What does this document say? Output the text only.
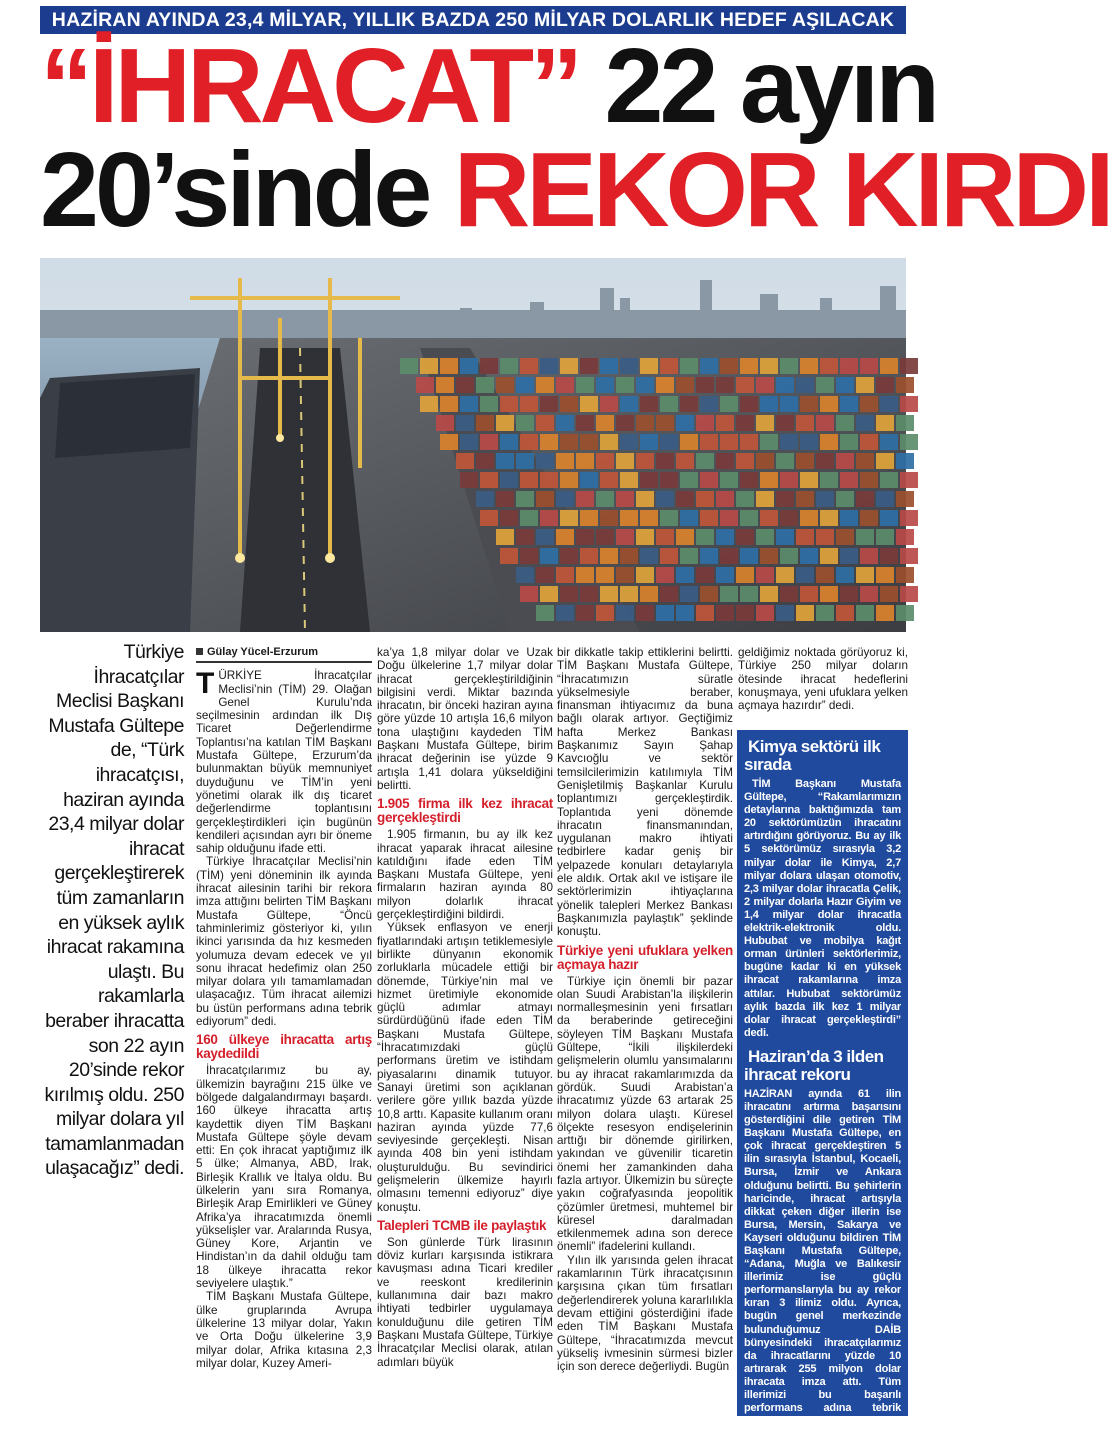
HAZİRAN AYINDA 23,4 MİLYAR, YILLIK BAZDA 250 MİLYAR DOLARLIK HEDEF AŞILACAK
“İHRACAT” 22 ayın
20’sinde REKOR KIRDI
Türkiye İhracatçılar Meclisi Başkanı Mustafa Gültepe de, “Türk ihracatçısı, haziran ayında 23,4 milyar dolar ihracat gerçekleştirerek tüm zamanların en yüksek aylık ihracat rakamına ulaştı. Bu rakamlarla beraber ihracatta son 22 ayın 20’sinde rekor kırılmış oldu. 250 milyar dolara yıl tamamlanmadan ulaşacağız” dedi.
Gülay Yücel-Erzurum

TÜRKİYE İhracatçılar Meclisi’nin (TİM) 29. Olağan Genel Kurulu’nda seçilmesinin ardından ilk Dış Ticaret Değerlendirme Toplantısı’na katılan TİM Başkanı Mustafa Gültepe, Erzurum’da bulunmaktan büyük memnuniyet duyduğunu ve TİM’in yeni yönetimi olarak ilk dış ticaret değerlendirme toplantısını gerçekleştirdikleri için bugünün kendileri açısından ayrı bir öneme sahip olduğunu ifade etti.

Türkiye İhracatçılar Meclisi’nin (TİM) yeni döneminin ilk ayında ihracat ailesinin tarihi bir rekora imza attığını belirten TİM Başkanı Mustafa Gültepe, “Öncü tahminlerimiz gösteriyor ki, yılın ikinci yarısında da hız kesmeden yolumuza devam edecek ve yıl sonu ihracat hedefimiz olan 250 milyar dolara yılı tamamlamadan ulaşacağız. Tüm ihracat ailemizi bu üstün performans adına tebrik ediyorum” dedi.

160 ülkeye ihracatta artış kaydedildi

İhracatçılarımız bu ay, ülkemizin bayrağını 215 ülke ve bölgede dalgalandırmayı başardı. 160 ülkeye ihracatta artış kaydettik diyen TİM Başkanı Mustafa Gültepe şöyle devam etti: En çok ihracat yaptığımız ilk 5 ülke; Almanya, ABD, Irak, Birleşik Krallık ve İtalya oldu. Bu ülkelerin yanı sıra Romanya, Birleşik Arap Emirlikleri ve Güney Afrika’ya ihracatımızda önemli yükselişler var. Aralarında Rusya, Güney Kore, Arjantin ve Hindistan’ın da dahil olduğu tam 18 ülkeye ihracatta rekor seviyelere ulaştık.”

TİM Başkanı Mustafa Gültepe, ülke gruplarında Avrupa ülkelerine 13 milyar dolar, Yakın ve Orta Doğu ülkelerine 3,9 milyar dolar, Afrika kıtasına 2,3 milyar dolar, Kuzey Ameri-

ka’ya 1,8 milyar dolar ve Uzak Doğu ülkelerine 1,7 milyar dolar ihracat gerçekleştirildiğinin bilgisini verdi. Miktar bazında ihracatın, bir önceki haziran ayına göre yüzde 10 artışla 16,6 milyon tona ulaştığını kaydeden TİM Başkanı Mustafa Gültepe, birim ihracat değerinin ise yüzde 9 artışla 1,41 dolara yükseldiğini belirtti.

1.905 firma ilk kez ihracat gerçekleştirdi

1.905 firmanın, bu ay ilk kez ihracat yaparak ihracat ailesine katıldığını ifade eden TİM Başkanı Mustafa Gültepe, yeni firmaların haziran ayında 80 milyon dolarlık ihracat gerçekleştirdiğini bildirdi.

Yüksek enflasyon ve enerji fiyatlarındaki artışın tetiklemesiyle birlikte dünyanın ekonomik zorluklarla mücadele ettiği bir dönemde, Türkiye’nin mal ve hizmet üretimiyle ekonomide güçlü adımlar atmayı sürdürdüğünü ifade eden TİM Başkanı Mustafa Gültepe, “İhracatımızdaki güçlü performans üretim ve istihdam piyasalarını dinamik tutuyor. Sanayi üretimi son açıklanan verilere göre yıllık bazda yüzde 10,8 arttı. Kapasite kullanım oranı haziran ayında yüzde 77,6 seviyesinde gerçekleşti. Nisan ayında 408 bin yeni istihdam oluşturulduğu. Bu sevindirici gelişmelerin ülkemize hayırlı olmasını temenni ediyoruz” diye konuştu.

Talepleri TCMB ile paylaştık

Son günlerde Türk lirasının döviz kurları karşısında istikrara kavuşması adına Ticari krediler ve reeskont kredilerinin kullanımına dair bazı makro ihtiyati tedbirler uygulamaya konulduğunu dile getiren TİM Başkanı Mustafa Gültepe, Türkiye İhracatçılar Meclisi olarak, atılan adımları büyük

bir dikkatle takip ettiklerini belirtti. TİM Başkanı Mustafa Gültepe, “İhracatımızın süratle yükselmesiyle beraber, finansman ihtiyacımız da buna bağlı olarak artıyor. Geçtiğimiz hafta Merkez Bankası Başkanımız Sayın Şahap Kavcıoğlu ve sektör temsilcilerimizin katılımıyla TİM Genişletilmiş Başkanlar Kurulu toplantımızı gerçekleştirdik. Toplantıda yeni dönemde ihracatın finansmanından, uygulanan makro ihtiyati tedbirlere kadar geniş bir yelpazede konuları detaylarıyla ele aldık. Ortak akıl ve istişare ile sektörlerimizin ihtiyaçlarına yönelik talepleri Merkez Bankası Başkanımızla paylaştık” şeklinde konuştu.

Türkiye yeni ufuklara yelken açmaya hazır

Türkiye için önemli bir pazar olan Suudi Arabistan’la ilişkilerin normalleşmesinin yeni fırsatları da beraberinde getireceğini söyleyen TİM Başkanı Mustafa Gültepe, “İkili ilişkilerdeki gelişmelerin olumlu yansımalarını bu ay ihracat rakamlarımızda da gördük. Suudi Arabistan’a ihracatımız yüzde 63 artarak 25 milyon dolara ulaştı. Küresel ölçekte resesyon endişelerinin arttığı bir dönemde girilirken, yakından ve güvenilir ticaretin önemi her zamankinden daha fazla artıyor. Ülkemizin bu süreçte yakın coğrafyasında jeopolitik çözümler üretmesi, muhtemel bir küresel daralmadan etkilenmemek adına son derece önemli” ifadelerini kullandı.

Yılın ilk yarısında gelen ihracat rakamlarının Türk ihracatçısının karşısına çıkan tüm fırsatları değerlendirerek yoluna kararlılıkla devam ettiğini gösterdiğini ifade eden TİM Başkanı Mustafa Gültepe, “İhracatımızda mevcut yükseliş ivmesinin sürmesi bizler için son derece değerliydi. Bugün

geldiğimiz noktada görüyoruz ki, Türkiye 250 milyar doların ötesinde ihracat hedeflerini konuşmaya, yeni ufuklara yelken açmaya hazırdır” dedi.

Kimya sektörü ilk sırada

TİM Başkanı Mustafa Gültepe, “Rakamlarımızın detaylarına baktığımızda tam 20 sektörümüzün ihracatını artırdığını görüyoruz. Bu ay ilk 5 sektörümüz sırasıyla 3,2 milyar dolar ile Kimya, 2,7 milyar dolara ulaşan otomotiv, 2,3 milyar dolar ihracatla Çelik, 2 milyar dolarla Hazır Giyim ve 1,4 milyar dolar ihracatla elektrik-elektronik oldu. Hububat ve mobilya kağıt orman ürünleri sektörlerimiz, bugüne kadar ki en yüksek ihracat rakamlarına imza attılar. Hububat sektörümüz aylık bazda ilk kez 1 milyar dolar ihracat gerçekleştirdi” dedi.

Haziran’da 3 ilden ihracat rekoru

HAZİRAN ayında 61 ilin ihracatını artırma başarısını gösterdiğini dile getiren TİM Başkanı Mustafa Gültepe, en çok ihracat gerçekleştiren 5 ilin sırasıyla İstanbul, Kocaeli, Bursa, İzmir ve Ankara olduğunu belirtti. Bu şehirlerin haricinde, ihracat artışıyla dikkat çeken diğer illerin ise Bursa, Mersin, Sakarya ve Kayseri olduğunu bildiren TİM Başkanı Mustafa Gültepe, “Adana, Muğla ve Balıkesir illerimiz ise güçlü performanslarıyla bu ay rekor kıran 3 ilimiz oldu. Ayrıca, bugün genel merkezinde bulunduğumuz DAİB bünyesindeki ihracatçılarımız da ihracatlarını yüzde 10 artırarak 255 milyon dolar ihracata imza attı. Tüm illerimizi bu başarılı performans adına tebrik ediyorum” şeklinde konuştu.
